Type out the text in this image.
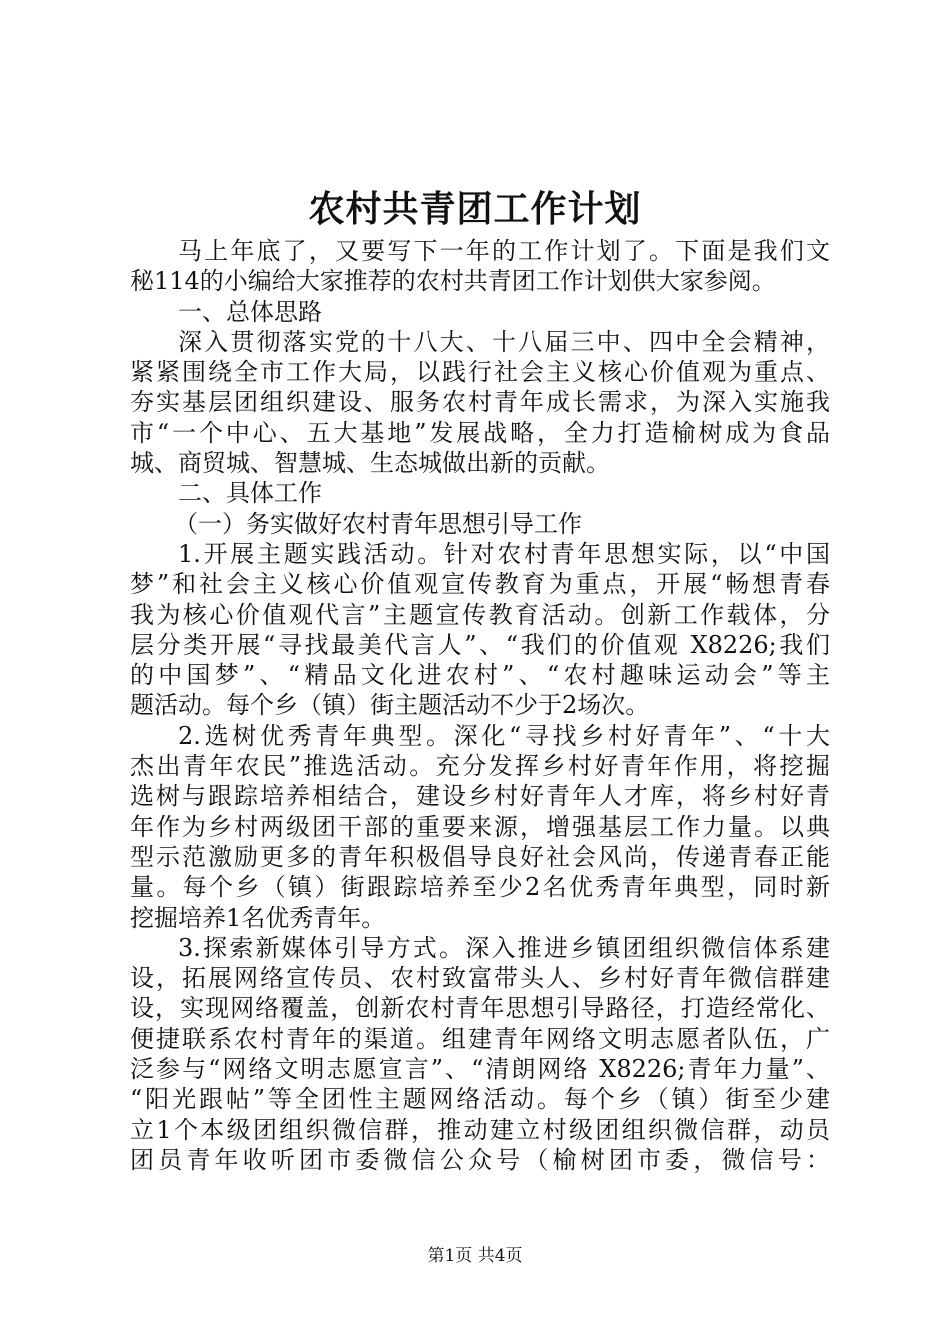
农村共青团工作计划
马上年底了，又要写下一年的工作计划了。下面是我们文
秘114的小编给大家推荐的农村共青团工作计划供大家参阅。
一、总体思路
深入贯彻落实党的十八大、十八届三中、四中全会精神，
紧紧围绕全市工作大局，以践行社会主义核心价值观为重点、
夯实基层团组织建设、服务农村青年成长需求，为深入实施我
市“一个中心、五大基地”发展战略，全力打造榆树成为食品
城、商贸城、智慧城、生态城做出新的贡献。
二、具体工作
（一）务实做好农村青年思想引导工作
1.开展主题实践活动。针对农村青年思想实际，以“中国
梦”和社会主义核心价值观宣传教育为重点，开展“畅想青春
我为核心价值观代言”主题宣传教育活动。创新工作载体，分
层分类开展“寻找最美代言人”、“我们的价值观 X8226;我们
的中国梦”、“精品文化进农村”、“农村趣味运动会”等主
题活动。每个乡（镇）街主题活动不少于2场次。
2.选树优秀青年典型。深化“寻找乡村好青年”、“十大
杰出青年农民”推选活动。充分发挥乡村好青年作用，将挖掘
选树与跟踪培养相结合，建设乡村好青年人才库，将乡村好青
年作为乡村两级团干部的重要来源，增强基层工作力量。以典
型示范激励更多的青年积极倡导良好社会风尚，传递青春正能
量。每个乡（镇）街跟踪培养至少2名优秀青年典型，同时新
挖掘培养1名优秀青年。
3.探索新媒体引导方式。深入推进乡镇团组织微信体系建
设，拓展网络宣传员、农村致富带头人、乡村好青年微信群建
设，实现网络覆盖，创新农村青年思想引导路径，打造经常化、
便捷联系农村青年的渠道。组建青年网络文明志愿者队伍，广
泛参与“网络文明志愿宣言”、“清朗网络 X8226;青年力量”、
“阳光跟帖”等全团性主题网络活动。每个乡（镇）街至少建
立1个本级团组织微信群，推动建立村级团组织微信群，动员
团员青年收听团市委微信公众号（榆树团市委，微信号：

第1页 共4页
